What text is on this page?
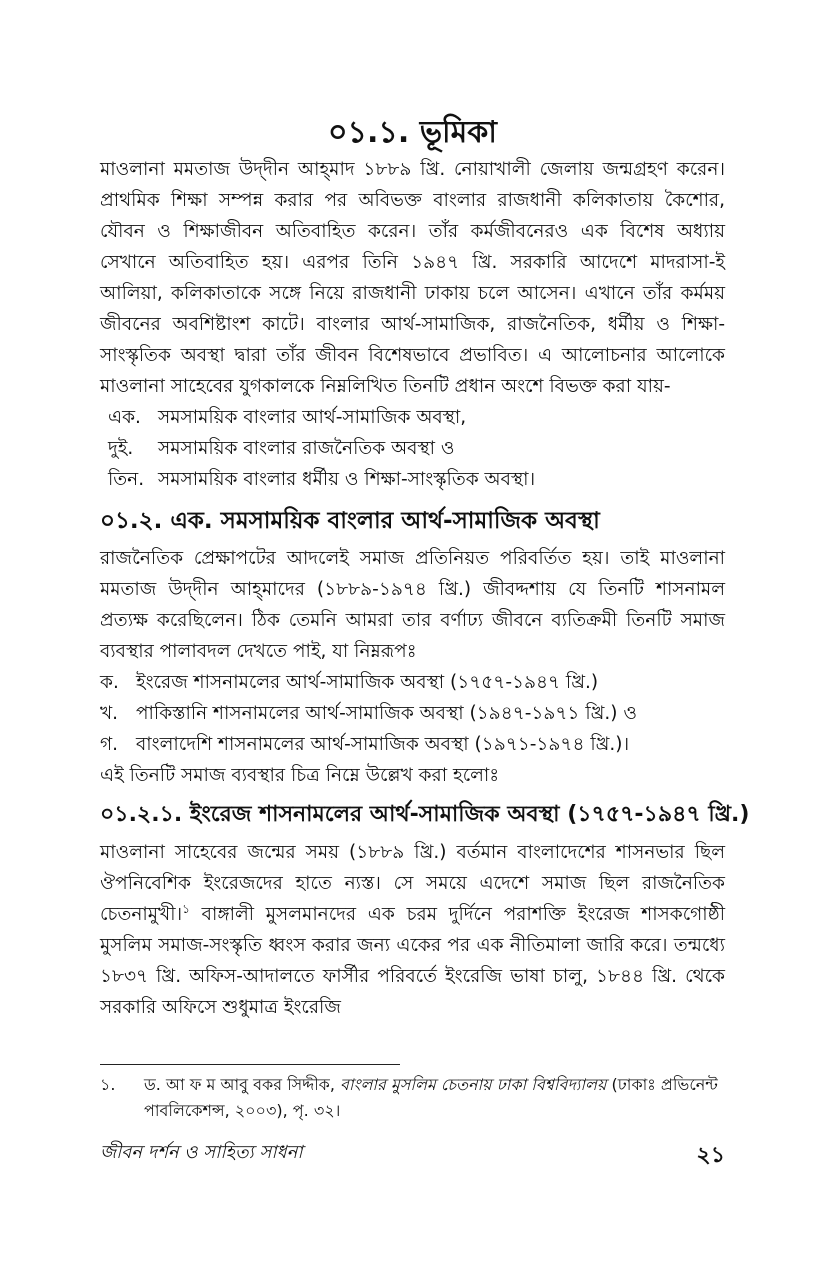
০১.১. ভূমিকা

মাওলানা মমতাজ উদ্‌দীন আহ্‌মাদ ১৮৮৯ খ্রি. নোয়াখালী জেলায় জন্মগ্রহণ করেন। প্রাথমিক শিক্ষা সম্পন্ন করার পর অবিভক্ত বাংলার রাজধানী কলিকাতায় কৈশোর, যৌবন ও শিক্ষাজীবন অতিবাহিত করেন। তাঁর কর্মজীবনেরও এক বিশেষ অধ্যায় সেখানে অতিবাহিত হয়। এরপর তিনি ১৯৪৭ খ্রি. সরকারি আদেশে মাদরাসা-ই আলিয়া, কলিকাতাকে সঙ্গে নিয়ে রাজধানী ঢাকায় চলে আসেন। এখানে তাঁর কর্মময় জীবনের অবশিষ্টাংশ কাটে। বাংলার আর্থ-সামাজিক, রাজনৈতিক, ধর্মীয় ও শিক্ষা-সাংস্কৃতিক অবস্থা দ্বারা তাঁর জীবন বিশেষভাবে প্রভাবিত। এ আলোচনার আলোকে মাওলানা সাহেবের যুগকালকে নিম্নলিখিত তিনটি প্রধান অংশে বিভক্ত করা যায়-

এক. সমসাময়িক বাংলার আর্থ-সামাজিক অবস্থা,
দুই.	সমসাময়িক বাংলার রাজনৈতিক অবস্থা ও
তিন. সমসাময়িক বাংলার ধর্মীয় ও শিক্ষা-সাংস্কৃতিক অবস্থা।
০১.২. এক. সমসাময়িক বাংলার আর্থ-সামাজিক অবস্থা

রাজনৈতিক প্রেক্ষাপটের আদলেই সমাজ প্রতিনিয়ত পরিবর্তিত হয়। তাই মাওলানা মমতাজ উদ্‌দীন আহ্‌মাদের (১৮৮৯-১৯৭৪ খ্রি.) জীবদ্দশায় যে তিনটি শাসনামল প্রত্যক্ষ করেছিলেন। ঠিক তেমনি আমরা তার বর্ণাঢ্য জীবনে ব্যতিক্রমী তিনটি সমাজ ব্যবস্থার পালাবদল দেখতে পাই, যা নিম্নরূপঃ

ক. ইংরেজ শাসনামলের আর্থ-সামাজিক অবস্থা (১৭৫৭-১৯৪৭ খ্রি.)
খ. পাকিস্তানি শাসনামলের আর্থ-সামাজিক অবস্থা (১৯৪৭-১৯৭১ খ্রি.) ও
গ. বাংলাদেশি শাসনামলের আর্থ-সামাজিক অবস্থা (১৯৭১-১৯৭৪ খ্রি.)।

এই তিনটি সমাজ ব্যবস্থার চিত্র নিম্নে উল্লেখ করা হলোঃ

০১.২.১. ইংরেজ শাসনামলের আর্থ-সামাজিক অবস্থা (১৭৫৭-১৯৪৭ খ্রি.)

মাওলানা সাহেবের জন্মের সময় (১৮৮৯ খ্রি.) বর্তমান বাংলাদেশের শাসনভার ছিল ঔপনিবেশিক ইংরেজদের হাতে ন্যস্ত। সে সময়ে এদেশে সমাজ ছিল রাজনৈতিক চেতনামুখী।$^১$ বাঙ্গালী মুসলমানদের এক চরম দুর্দিনে পরাশক্তি ইংরেজ শাসকগোষ্ঠী মুসলিম সমাজ-সংস্কৃতি ধ্বংস করার জন্য একের পর এক নীতিমালা জারি করে। তন্মধ্যে ১৮৩৭ খ্রি. অফিস-আদালতে ফার্সীর পরিবর্তে ইংরেজি ভাষা চালু, ১৮৪৪ খ্রি. থেকে সরকারি অফিসে শুধুমাত্র ইংরেজি

১.	ড. আ ফ ম আবু বকর সিদ্দীক, বাংলার মুসলিম চেতনায় ঢাকা বিশ্ববিদ্যালয় (ঢাকাঃ প্রভিনেন্ট পাবলিকেশন্স, ২০০৩), পৃ. ৩২।
জীবন দর্শন ও সাহিত্য সাধনা	২১
